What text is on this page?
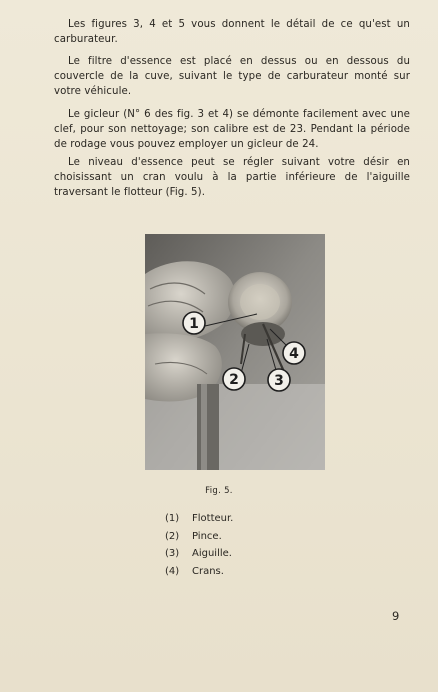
Les figures 3, 4 et 5 vous donnent le détail de ce qu'est un carburateur.
Le filtre d'essence est placé en dessus ou en dessous du couvercle de la cuve, suivant le type de carburateur monté sur votre véhicule.
Le gicleur (N° 6 des fig. 3 et 4) se démonte facilement avec une clef, pour son nettoyage; son calibre est de 23. Pendant la période de rodage vous pouvez employer un gicleur de 24.
Le niveau d'essence peut se régler suivant votre désir en choisissant un cran voulu à la partie inférieure de l'aiguille traversant le flotteur (Fig. 5).
1
2	3
4
Fig. 5.
(1)	Flotteur.
(2)	Pince.
(3)	Aiguille.
(4)	Crans.
9
